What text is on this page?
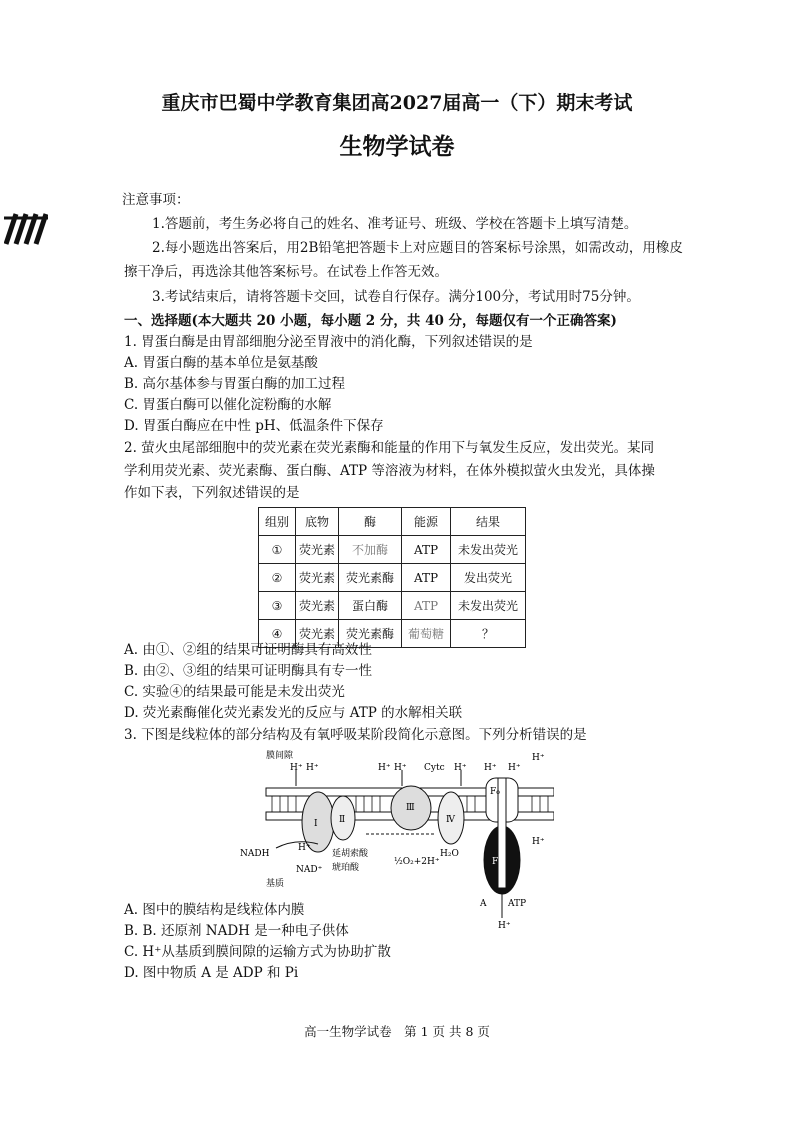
重庆市巴蜀中学教育集团高2027届高一（下）期末考试
生物学试卷
注意事项：
1.答题前，考生务必将自己的姓名、准考证号、班级、学校在答题卡上填写清楚。
2.每小题选出答案后，用2B铅笔把答题卡上对应题目的答案标号涂黑，如需改动，用橡皮
擦干净后，再选涂其他答案标号。在试卷上作答无效。
3.考试结束后，请将答题卡交回，试卷自行保存。满分100分，考试用时75分钟。
一、选择题(本大题共 20 小题，每小题 2 分，共 40 分，每题仅有一个正确答案)
1. 胃蛋白酶是由胃部细胞分泌至胃液中的消化酶，下列叙述错误的是
A. 胃蛋白酶的基本单位是氨基酸
B. 高尔基体参与胃蛋白酶的加工过程
C. 胃蛋白酶可以催化淀粉酶的水解
D. 胃蛋白酶应在中性 pH、低温条件下保存
2. 萤火虫尾部细胞中的荧光素在荧光素酶和能量的作用下与氧发生反应，发出荧光。某同
学利用荧光素、荧光素酶、蛋白酶、ATP 等溶液为材料，在体外模拟萤火虫发光，具体操
作如下表，下列叙述错误的是
组别	底物	酶	能源	结果
①	荧光素	不加酶	ATP	未发出荧光
②	荧光素	荧光素酶	ATP	发出荧光
③	荧光素	蛋白酶	ATP	未发出荧光
④	荧光素	荧光素酶	葡萄糖	？
A. 由①、②组的结果可证明酶具有高效性
B. 由②、③组的结果可证明酶具有专一性
C. 实验④的结果最可能是未发出荧光
D. 荧光素酶催化荧光素发光的反应与 ATP 的水解相关联
3. 下图是线粒体的部分结构及有氧呼吸某阶段简化示意图。下列分析错误的是
膜间隙
H⁺ H⁺	H⁺ H⁺ Cytc H⁺ H⁺ H⁺
H⁺
Ⅰ Ⅱ
Ⅲ
Ⅳ
F₀
F₁
H⁺
NADH
H⁺
NAD⁺
延胡索酸
琥珀酸
½O₂+2H⁺
H₂O
基质
A ATP
H⁺
A. 图中的膜结构是线粒体内膜
B. B. 还原剂 NADH 是一种电子供体
C. H⁺从基质到膜间隙的运输方式为协助扩散
D. 图中物质 A 是 ADP 和 Pi
高一生物学试卷　第 1 页 共 8 页
